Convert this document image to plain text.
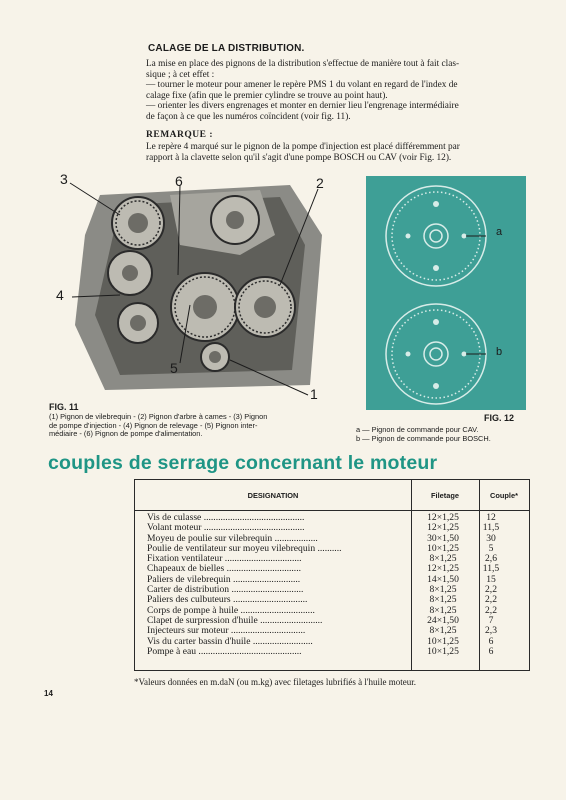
CALAGE DE LA DISTRIBUTION.
La mise en place des pignons de la distribution s'effectue de manière tout à fait clas-
sique ; à cet effet :
— tourner le moteur pour amener le repère PMS 1 du volant en regard de l'index de
calage fixe (afin que le premier cylindre se trouve au point haut).
— orienter les divers engrenages et monter en dernier lieu l'engrenage intermédiaire
de façon à ce que les numéros coïncident (voir fig. 11).
REMARQUE :
Le repère 4 marqué sur le pignon de la pompe d'injection est placé différemment par
rapport à la clavette selon qu'il s'agit d'une pompe BOSCH ou CAV (voir Fig. 12).
3	6	2
4
5
1
FIG. 11
(1) Pignon de vilebrequin - (2) Pignon d'arbre à cames - (3) Pignon
de pompe d'injection - (4) Pignon de relevage - (5) Pignon inter-
médiaire - (6) Pignon de pompe d'alimentation.
a
b
FIG. 12
a — Pignon de commande pour CAV.
b — Pignon de commande pour BOSCH.
couples de serrage concernant le moteur
DESIGNATION	Filetage	Couple*
Vis de culasse ..........................................	12×1,25	12
Volant moteur ..........................................	12×1,25	11,5
Moyeu de poulie sur vilebrequin ..................	30×1,50	30
Poulie de ventilateur sur moyeu vilebrequin ..........	10×1,25	5
Fixation ventilateur ................................	8×1,25	2,6
Chapeaux de bielles ...............................	12×1,25	11,5
Paliers de vilebrequin ............................	14×1,50	15
Carter de distribution ..............................	8×1,25	2,2
Paliers des culbuteurs ...............................	8×1,25	2,2
Corps de pompe à huile ...............................	8×1,25	2,2
Clapet de surpression d'huile ..........................	24×1,50	7
Injecteurs sur moteur ...............................	8×1,25	2,3
Vis du carter bassin d'huile .........................	10×1,25	6
Pompe à eau ...........................................	10×1,25	6
*Valeurs données en m.daN (ou m.kg) avec filetages lubrifiés à l'huile moteur.
14
